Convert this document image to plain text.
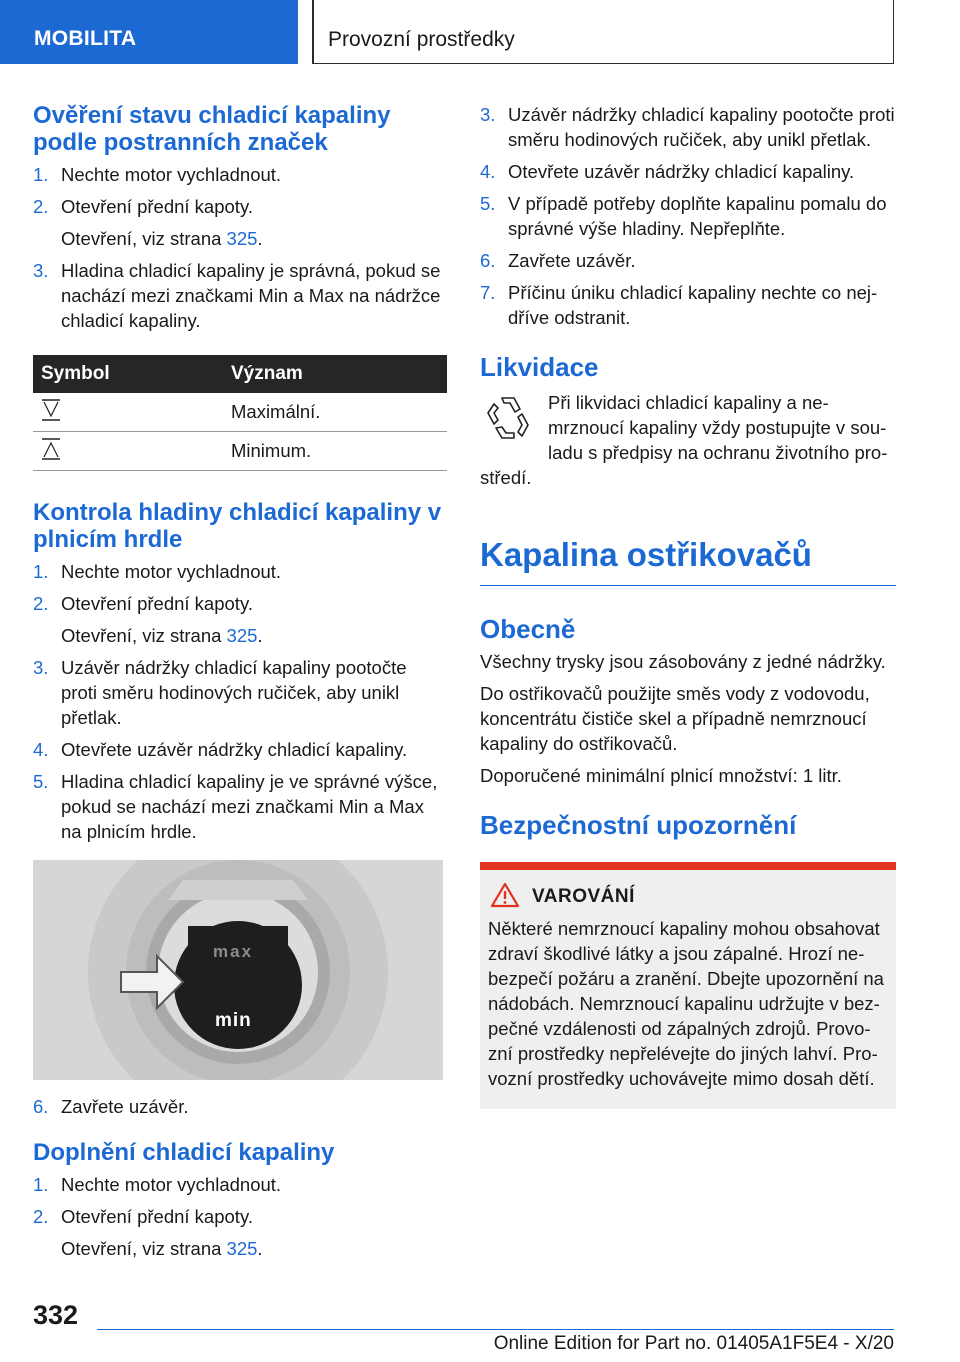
MOBILITA	Provozní prostředky
Ověření stavu chladicí kapaliny podle postranních značek
1. Nechte motor vychladnout.
2. Otevření přední kapoty.
Otevření, viz strana 325.
3. Hladina chladicí kapaliny je správná, pokud se nachází mezi značkami Min a Max na nádržce chladicí kapaliny.
Symbol	Význam
	Maximální.
	Minimum.
Kontrola hladiny chladicí kapaliny v plnicím hrdle
1. Nechte motor vychladnout.
2. Otevření přední kapoty.
Otevření, viz strana 325.
3. Uzávěr nádržky chladicí kapaliny pootočte proti směru hodinových ručiček, aby unikl přetlak.
4. Otevřete uzávěr nádržky chladicí kapaliny.
5. Hladina chladicí kapaliny je ve správné výšce, pokud se nachází mezi značkami Min a Max na plnicím hrdle.
max
min
6. Zavřete uzávěr.
Doplnění chladicí kapaliny
1. Nechte motor vychladnout.
2. Otevření přední kapoty.
Otevření, viz strana 325.
3. Uzávěr nádržky chladicí kapaliny pootočte proti směru hodinových ručiček, aby unikl přetlak.
4. Otevřete uzávěr nádržky chladicí kapaliny.
5. V případě potřeby doplňte kapalinu pomalu do správné výše hladiny. Nepřeplňte.
6. Zavřete uzávěr.
7. Příčinu úniku chladicí kapaliny nechte co nejdříve odstranit.
Likvidace

Při likvidaci chladicí kapaliny a nemrznoucí kapaliny vždy postupujte v souladu s předpisy na ochranu životního prostředí.

Kapalina ostřikovačů
Obecně

Všechny trysky jsou zásobovány z jedné nádržky.

Do ostřikovačů použijte směs vody z vodovodu, koncentrátu čističe skel a případně nemrznoucí kapaliny do ostřikovačů.

Doporučené minimální plnicí množství: 1 litr.

Bezpečnostní upozornění
VAROVÁNÍ

Některé nemrznoucí kapaliny mohou obsahovat zdraví škodlivé látky a jsou zápalné. Hrozí nebezpečí požáru a zranění. Dbejte upozornění na nádobách. Nemrznoucí kapalinu udržujte v bezpečné vzdálenosti od zápalných zdrojů. Provozní prostředky nepřelévejte do jiných lahví. Provozní prostředky uchovávejte mimo dosah dětí.

332
Online Edition for Part no. 01405A1F5E4 - X/20
